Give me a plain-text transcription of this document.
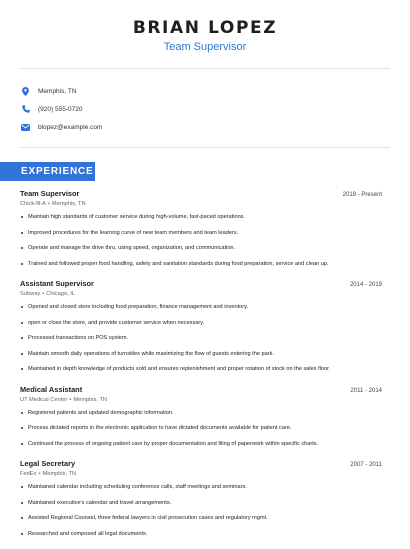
BRIAN LOPEZ
Team Supervisor
Memphis, TN
(920) 555-0720
blopez@example.com
EXPERIENCE
Team Supervisor	2019 - Present
Chick-fil-A • Memphis, TN
Maintain high standards of customer service during high-volume, fast-paced operations.
Improved procedures for the learning curve of new team members and team leaders.
Operate and manage the drive thru, using speed, organization, and communication.
Trained and followed proper food handling, safety and sanitation standards during food preparation, service and clean up.
Assistant Supervisor	2014 - 2019
Subway • Chicago, IL
Opened and closed store including food preparation, finance management and inventory.
open or close the store, and provide customer service when necessary.
Processed transactions on POS system.
Maintain smooth daily operations of turnstiles while maximizing the flow of guests entering the park.
Maintained in depth knowledge of products sold and ensures replenishment and proper rotation of stock on the sales floor.
Medical Assistant	2011 - 2014
UT Medical Center • Memphis, TN
Registered patients and updated demographic information.
Process dictated reports in the electronic application to have dictated documents available for patient care.
Continued the process of ongoing patient care by proper documentation and filing of paperwork within specific charts.
Legal Secretary	2007 - 2011
FedEx • Memphis, TN
Maintained calendar including scheduling conference calls, staff meetings and seminars.
Maintained executive's calendar and travel arrangements.
Assisted Regional Counsel, three federal lawyers in civil prosecution cases and regulatory mgmt.
Researched and composed all legal documents.
